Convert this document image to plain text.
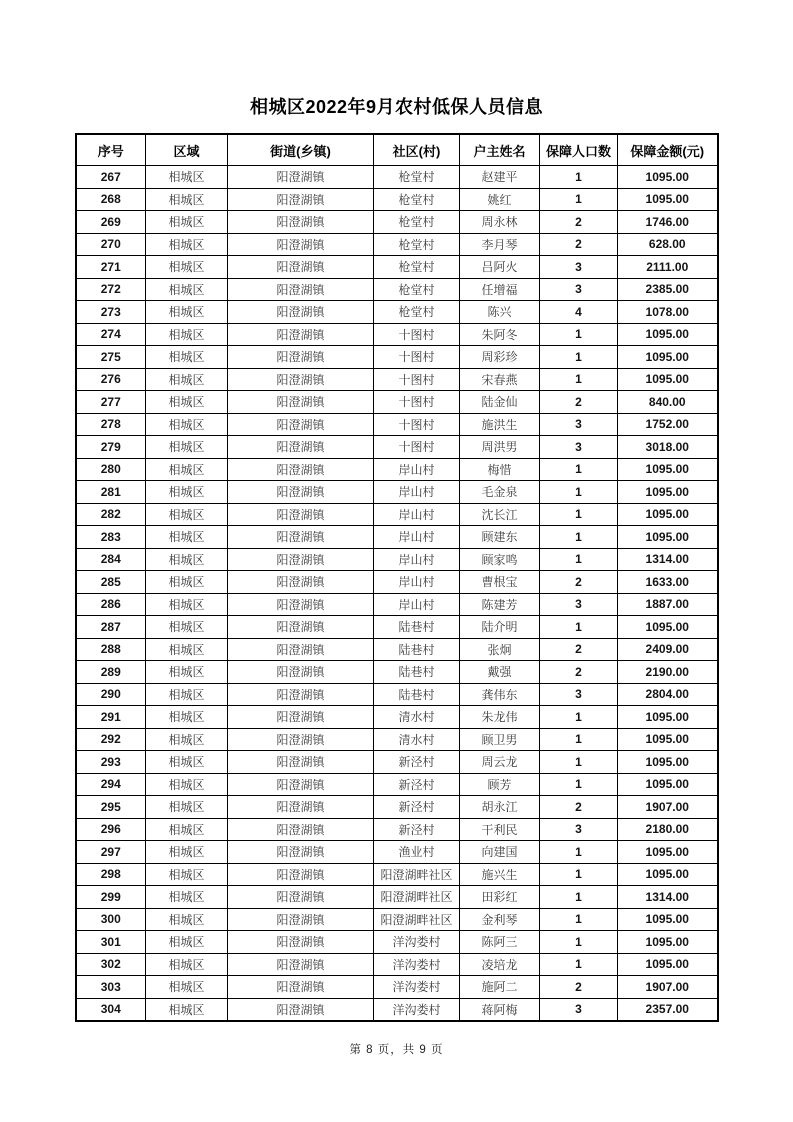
相城区2022年9月农村低保人员信息
序号	区域	街道(乡镇)	社区(村)	户主姓名	保障人口数	保障金额(元)
267	相城区	阳澄湖镇	枪堂村	赵建平	1	1095.00
268	相城区	阳澄湖镇	枪堂村	姚红	1	1095.00
269	相城区	阳澄湖镇	枪堂村	周永林	2	1746.00
270	相城区	阳澄湖镇	枪堂村	李月琴	2	628.00
271	相城区	阳澄湖镇	枪堂村	吕阿火	3	2111.00
272	相城区	阳澄湖镇	枪堂村	任增福	3	2385.00
273	相城区	阳澄湖镇	枪堂村	陈兴	4	1078.00
274	相城区	阳澄湖镇	十图村	朱阿冬	1	1095.00
275	相城区	阳澄湖镇	十图村	周彩珍	1	1095.00
276	相城区	阳澄湖镇	十图村	宋春燕	1	1095.00
277	相城区	阳澄湖镇	十图村	陆金仙	2	840.00
278	相城区	阳澄湖镇	十图村	施洪生	3	1752.00
279	相城区	阳澄湖镇	十图村	周洪男	3	3018.00
280	相城区	阳澄湖镇	岸山村	梅惜	1	1095.00
281	相城区	阳澄湖镇	岸山村	毛金泉	1	1095.00
282	相城区	阳澄湖镇	岸山村	沈长江	1	1095.00
283	相城区	阳澄湖镇	岸山村	顾建东	1	1095.00
284	相城区	阳澄湖镇	岸山村	顾家鸣	1	1314.00
285	相城区	阳澄湖镇	岸山村	曹根宝	2	1633.00
286	相城区	阳澄湖镇	岸山村	陈建芳	3	1887.00
287	相城区	阳澄湖镇	陆巷村	陆介明	1	1095.00
288	相城区	阳澄湖镇	陆巷村	张炯	2	2409.00
289	相城区	阳澄湖镇	陆巷村	戴强	2	2190.00
290	相城区	阳澄湖镇	陆巷村	龚伟东	3	2804.00
291	相城区	阳澄湖镇	清水村	朱龙伟	1	1095.00
292	相城区	阳澄湖镇	清水村	顾卫男	1	1095.00
293	相城区	阳澄湖镇	新泾村	周云龙	1	1095.00
294	相城区	阳澄湖镇	新泾村	顾芳	1	1095.00
295	相城区	阳澄湖镇	新泾村	胡永江	2	1907.00
296	相城区	阳澄湖镇	新泾村	干利民	3	2180.00
297	相城区	阳澄湖镇	渔业村	向建国	1	1095.00
298	相城区	阳澄湖镇	阳澄湖畔社区	施兴生	1	1095.00
299	相城区	阳澄湖镇	阳澄湖畔社区	田彩红	1	1314.00
300	相城区	阳澄湖镇	阳澄湖畔社区	金利琴	1	1095.00
301	相城区	阳澄湖镇	洋沟娄村	陈阿三	1	1095.00
302	相城区	阳澄湖镇	洋沟娄村	凌培龙	1	1095.00
303	相城区	阳澄湖镇	洋沟娄村	施阿二	2	1907.00
304	相城区	阳澄湖镇	洋沟娄村	蒋阿梅	3	2357.00
第 8 页，共 9 页
